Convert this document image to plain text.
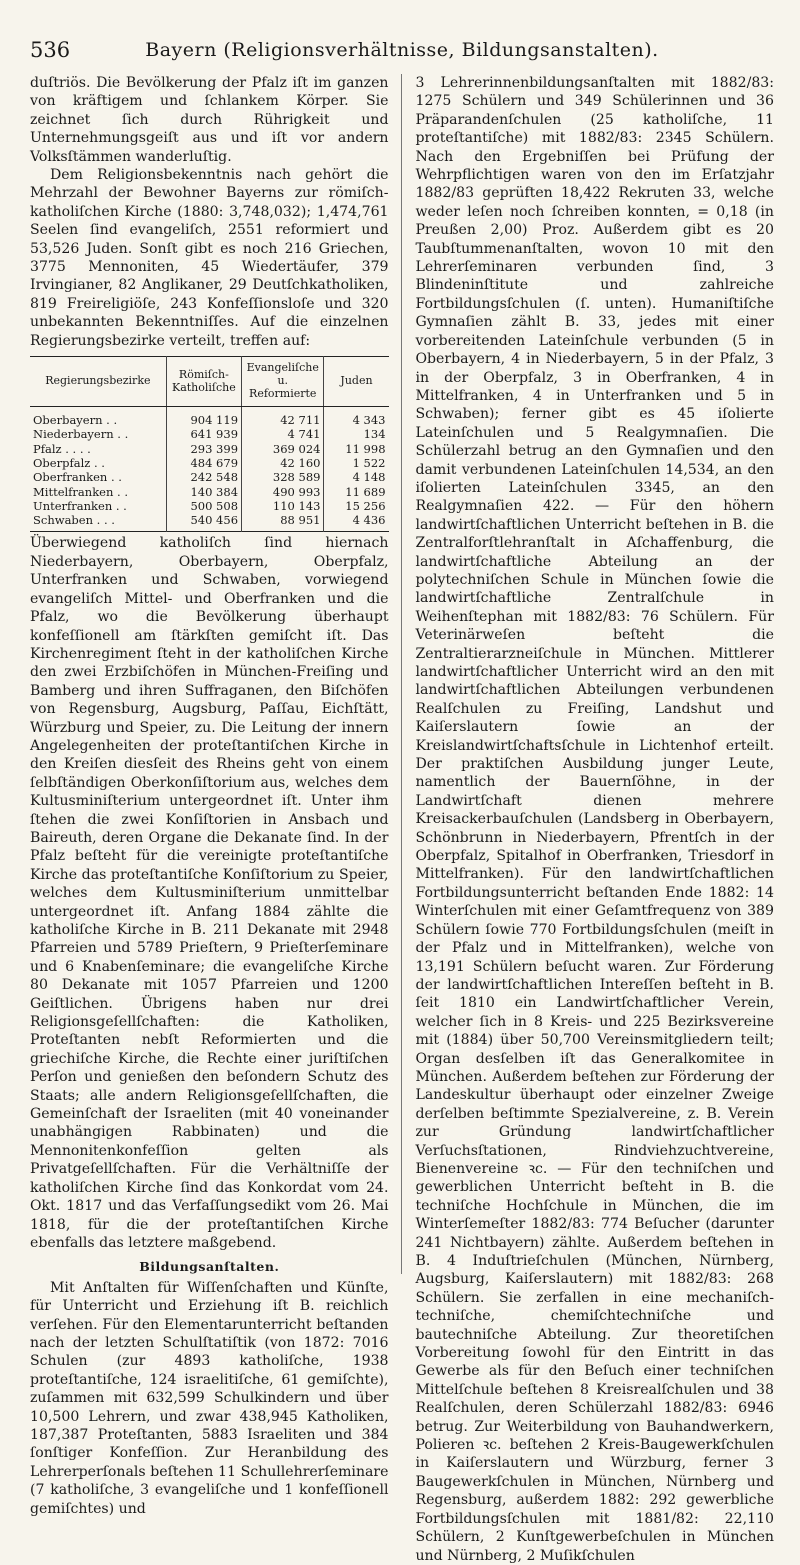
536	Bayern (Religionsverhältnisse, Bildungsanstalten).

duſtriös. Die Bevölkerung der Pfalz iſt im ganzen von kräftigem und ſchlankem Körper. Sie zeichnet ſich durch Rührigkeit und Unternehmungsgeiſt aus und iſt vor andern Volksſtämmen wanderluſtig.

Dem Religionsbekenntnis nach gehört die Mehrzahl der Bewohner Bayerns zur römiſch-katholiſchen Kirche (1880: 3,748,032); 1,474,761 Seelen ſind evangeliſch, 2551 reformiert und 53,526 Juden. Sonſt gibt es noch 216 Griechen, 3775 Mennoniten, 45 Wiedertäufer, 379 Irvingianer, 82 Anglikaner, 29 Deutſchkatholiken, 819 Freireligiöſe, 243 Konfeſſionsloſe und 320 unbekannten Bekenntniſſes. Auf die einzelnen Regierungsbezirke verteilt, treffen auf:

Regierungsbezirke	Römiſch-Katholiſche	Evangeliſche u. Reformierte	Juden
Oberbayern . .	904 119	42 711	4 343
Niederbayern . .	641 939	4 741	134
Pfalz . . . .	293 399	369 024	11 998
Oberpfalz . .	484 679	42 160	1 522
Oberfranken . .	242 548	328 589	4 148
Mittelfranken . .	140 384	490 993	11 689
Unterfranken . .	500 508	110 143	15 256
Schwaben . . .	540 456	88 951	4 436

Überwiegend katholiſch ſind hiernach Niederbayern, Oberbayern, Oberpfalz, Unterfranken und Schwaben, vorwiegend evangeliſch Mittel- und Oberfranken und die Pfalz, wo die Bevölkerung überhaupt konfeſſionell am ſtärkſten gemiſcht iſt. Das Kirchenregiment ſteht in der katholiſchen Kirche den zwei Erzbiſchöfen in München-Freiſing und Bamberg und ihren Suffraganen, den Biſchöfen von Regensburg, Augsburg, Paſſau, Eichſtätt, Würzburg und Speier, zu. Die Leitung der innern Angelegenheiten der proteſtantiſchen Kirche in den Kreiſen diesſeit des Rheins geht von einem ſelbſtändigen Oberkonſiſtorium aus, welches dem Kultusminiſterium untergeordnet iſt. Unter ihm ſtehen die zwei Konſiſtorien in Ansbach und Baireuth, deren Organe die Dekanate ſind. In der Pfalz beſteht für die vereinigte proteſtantiſche Kirche das proteſtantiſche Konſiſtorium zu Speier, welches dem Kultusminiſterium unmittelbar untergeordnet iſt. Anfang 1884 zählte die katholiſche Kirche in B. 211 Dekanate mit 2948 Pfarreien und 5789 Prieſtern, 9 Prieſterſeminare und 6 Knabenſeminare; die evangeliſche Kirche 80 Dekanate mit 1057 Pfarreien und 1200 Geiſtlichen. Übrigens haben nur drei Religionsgeſellſchaften: die Katholiken, Proteſtanten nebſt Reformierten und die griechiſche Kirche, die Rechte einer juriſtiſchen Perſon und genießen den beſondern Schutz des Staats; alle andern Religionsgeſellſchaften, die Gemeinſchaft der Israeliten (mit 40 voneinander unabhängigen Rabbinaten) und die Mennonitenkonfeſſion gelten als Privatgeſellſchaften. Für die Verhältniſſe der katholiſchen Kirche ſind das Konkordat vom 24. Okt. 1817 und das Verfaſſungsedikt vom 26. Mai 1818, für die der proteſtantiſchen Kirche ebenfalls das letztere maßgebend.

Bildungsanſtalten.

Mit Anſtalten für Wiſſenſchaften und Künſte, für Unterricht und Erziehung iſt B. reichlich verſehen. Für den Elementarunterricht beſtanden nach der letzten Schulſtatiſtik (von 1872: 7016 Schulen (zur 4893 katholiſche, 1938 proteſtantiſche, 124 israelitiſche, 61 gemiſchte), zuſammen mit 632,599 Schulkindern und über 10,500 Lehrern, und zwar 438,945 Katholiken, 187,387 Proteſtanten, 5883 Israeliten und 384 ſonſtiger Konfeſſion. Zur Heranbildung des Lehrerperſonals beſtehen 11 Schullehrerſeminare (7 katholiſche, 3 evangeliſche und 1 konfeſſionell gemiſchtes) und

3 Lehrerinnenbildungsanſtalten mit 1882/83: 1275 Schülern und 349 Schülerinnen und 36 Präparandenſchulen (25 katholiſche, 11 proteſtantiſche) mit 1882/83: 2345 Schülern. Nach den Ergebniſſen bei Prüfung der Wehrpflichtigen waren von den im Erſatzjahr 1882/83 geprüften 18,422 Rekruten 33, welche weder leſen noch ſchreiben konnten, = 0,18 (in Preußen 2,00) Proz. Außerdem gibt es 20 Taubſtummenanſtalten, wovon 10 mit den Lehrerſeminaren verbunden ſind, 3 Blindeninſtitute und zahlreiche Fortbildungsſchulen (ſ. unten). Humaniſtiſche Gymnaſien zählt B. 33, jedes mit einer vorbereitenden Lateinſchule verbunden (5 in Oberbayern, 4 in Niederbayern, 5 in der Pfalz, 3 in der Oberpfalz, 3 in Oberfranken, 4 in Mittelfranken, 4 in Unterfranken und 5 in Schwaben); ferner gibt es 45 iſolierte Lateinſchulen und 5 Realgymnaſien. Die Schülerzahl betrug an den Gymnaſien und den damit verbundenen Lateinſchulen 14,534, an den iſolierten Lateinſchulen 3345, an den Realgymnaſien 422. — Für den höhern landwirtſchaftlichen Unterricht beſtehen in B. die Zentralforſtlehranſtalt in Aſchaffenburg, die landwirtſchaftliche Abteilung an der polytechniſchen Schule in München ſowie die landwirtſchaftliche Zentralſchule in Weihenſtephan mit 1882/83: 76 Schülern. Für Veterinärweſen beſteht die Zentraltierarzneiſchule in München. Mittlerer landwirtſchaftlicher Unterricht wird an den mit landwirtſchaftlichen Abteilungen verbundenen Realſchulen zu Freiſing, Landshut und Kaiſerslautern ſowie an der Kreislandwirtſchaftsſchule in Lichtenhof erteilt. Der praktiſchen Ausbildung junger Leute, namentlich der Bauernſöhne, in der Landwirtſchaft dienen mehrere Kreisackerbauſchulen (Landsberg in Oberbayern, Schönbrunn in Niederbayern, Pfrentſch in der Oberpfalz, Spitalhof in Oberfranken, Triesdorf in Mittelfranken). Für den landwirtſchaftlichen Fortbildungsunterricht beſtanden Ende 1882: 14 Winterſchulen mit einer Geſamtfrequenz von 389 Schülern ſowie 770 Fortbildungsſchulen (meiſt in der Pfalz und in Mittelfranken), welche von 13,191 Schülern beſucht waren. Zur Förderung der landwirtſchaftlichen Intereſſen beſteht in B. ſeit 1810 ein Landwirtſchaftlicher Verein, welcher ſich in 8 Kreis- und 225 Bezirksvereine mit (1884) über 50,700 Vereinsmitgliedern teilt; Organ desſelben iſt das Generalkomitee in München. Außerdem beſtehen zur Förderung der Landeskultur überhaupt oder einzelner Zweige derſelben beſtimmte Spezialvereine, z. B. Verein zur Gründung landwirtſchaftlicher Verſuchsſtationen, Rindviehzuchtvereine, Bienenvereine ꝛc. — Für den techniſchen und gewerblichen Unterricht beſteht in B. die techniſche Hochſchule in München, die im Winterſemeſter 1882/83: 774 Beſucher (darunter 241 Nichtbayern) zählte. Außerdem beſtehen in B. 4 Induſtrieſchulen (München, Nürnberg, Augsburg, Kaiſerslautern) mit 1882/83: 268 Schülern. Sie zerfallen in eine mechaniſch-techniſche, chemiſchtechniſche und bautechniſche Abteilung. Zur theoretiſchen Vorbereitung ſowohl für den Eintritt in das Gewerbe als für den Beſuch einer techniſchen Mittelſchule beſtehen 8 Kreisrealſchulen und 38 Realſchulen, deren Schülerzahl 1882/83: 6946 betrug. Zur Weiterbildung von Bauhandwerkern, Polieren ꝛc. beſtehen 2 Kreis-Baugewerkſchulen in Kaiſerslautern und Würzburg, ferner 3 Baugewerkſchulen in München, Nürnberg und Regensburg, außerdem 1882: 292 gewerbliche Fortbildungsſchulen mit 1881/82: 22,110 Schülern, 2 Kunſtgewerbeſchulen in München und Nürnberg, 2 Muſikſchulen
